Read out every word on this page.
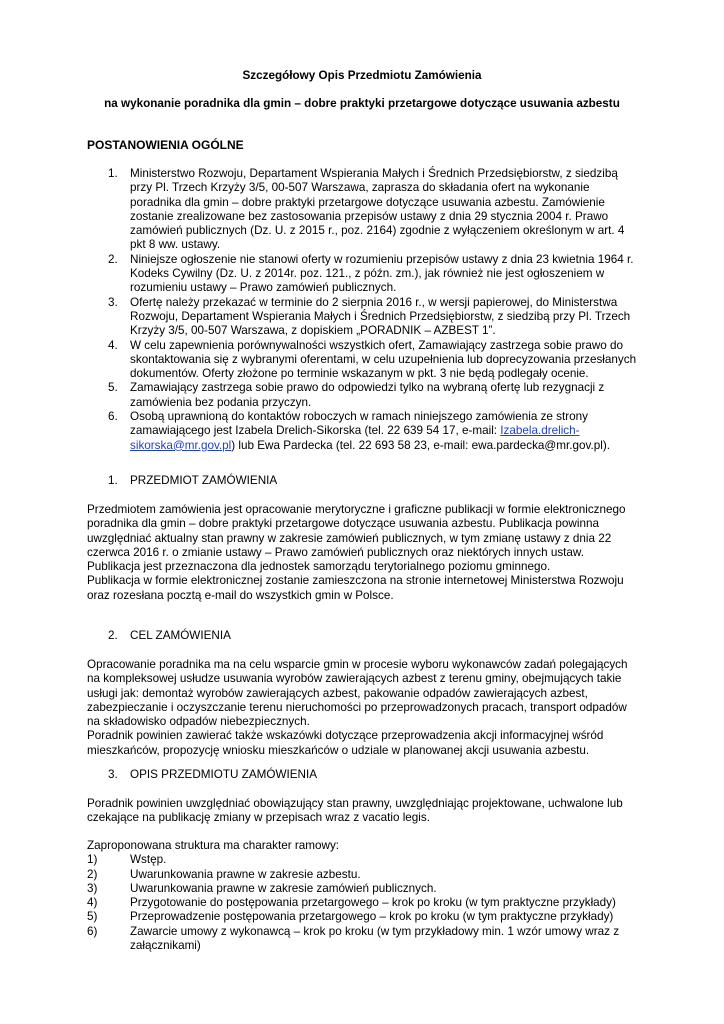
Szczegółowy Opis Przedmiotu Zamówienia
na wykonanie poradnika dla gmin – dobre praktyki przetargowe dotyczące usuwania azbestu
POSTANOWIENIA OGÓLNE
1. Ministerstwo Rozwoju, Departament Wspierania Małych i Średnich Przedsiębiorstw, z siedzibą przy Pl. Trzech Krzyży 3/5, 00-507 Warszawa, zaprasza do składania ofert na wykonanie poradnika dla gmin – dobre praktyki przetargowe dotyczące usuwania azbestu. Zamówienie zostanie zrealizowane bez zastosowania przepisów ustawy z dnia 29 stycznia 2004 r. Prawo zamówień publicznych (Dz. U. z 2015 r., poz. 2164) zgodnie z wyłączeniem określonym w art. 4 pkt 8 ww. ustawy.
2. Niniejsze ogłoszenie nie stanowi oferty w rozumieniu przepisów ustawy z dnia 23 kwietnia 1964 r. Kodeks Cywilny (Dz. U. z 2014r. poz. 121., z późn. zm.), jak również nie jest ogłoszeniem w rozumieniu ustawy – Prawo zamówień publicznych.
3. Ofertę należy przekazać w terminie do 2 sierpnia 2016 r., w wersji papierowej, do Ministerstwa Rozwoju, Departament Wspierania Małych i Średnich Przedsiębiorstw, z siedzibą przy Pl. Trzech Krzyży 3/5, 00-507 Warszawa, z dopiskiem „PORADNIK – AZBEST 1”.
4. W celu zapewnienia porównywalności wszystkich ofert, Zamawiający zastrzega sobie prawo do skontaktowania się z wybranymi oferentami, w celu uzupełnienia lub doprecyzowania przesłanych dokumentów. Oferty złożone po terminie wskazanym w pkt. 3 nie będą podlegały ocenie.
5. Zamawiający zastrzega sobie prawo do odpowiedzi tylko na wybraną ofertę lub rezygnacji z zamówienia bez podania przyczyn.
6. Osobą uprawnioną do kontaktów roboczych w ramach niniejszego zamówienia ze strony zamawiającego jest Izabela Drelich-Sikorska (tel. 22 639 54 17, e-mail: Izabela.drelich-sikorska@mr.gov.pl) lub Ewa Pardecka (tel. 22 693 58 23, e-mail: ewa.pardecka@mr.gov.pl).
1. PRZEDMIOT ZAMÓWIENIA
Przedmiotem zamówienia jest opracowanie merytoryczne i graficzne publikacji w formie elektronicznego poradnika dla gmin – dobre praktyki przetargowe dotyczące usuwania azbestu. Publikacja powinna uwzględniać aktualny stan prawny w zakresie zamówień publicznych, w tym zmianę ustawy z dnia 22 czerwca 2016 r. o zmianie ustawy – Prawo zamówień publicznych oraz niektórych innych ustaw.
Publikacja jest przeznaczona dla jednostek samorządu terytorialnego poziomu gminnego.
Publikacja w formie elektronicznej zostanie zamieszczona na stronie internetowej Ministerstwa Rozwoju oraz rozesłana pocztą e-mail do wszystkich gmin w Polsce.
2. CEL ZAMÓWIENIA
Opracowanie poradnika ma na celu wsparcie gmin w procesie wyboru wykonawców zadań polegających na kompleksowej usłudze usuwania wyrobów zawierających azbest z terenu gminy, obejmujących takie usługi jak: demontaż wyrobów zawierających azbest, pakowanie odpadów zawierających azbest, zabezpieczanie i oczyszczanie terenu nieruchomości po przeprowadzonych pracach, transport odpadów na składowisko odpadów niebezpiecznych.
Poradnik powinien zawierać także wskazówki dotyczące przeprowadzenia akcji informacyjnej wśród mieszkańców, propozycję wniosku mieszkańców o udziale w planowanej akcji usuwania azbestu.
3. OPIS PRZEDMIOTU ZAMÓWIENIA
Poradnik powinien uwzględniać obowiązujący stan prawny, uwzględniając projektowane, uchwalone lub czekające na publikację zmiany w przepisach wraz z vacatio legis.
Zaproponowana struktura ma charakter ramowy:
1)	Wstęp.
2)	Uwarunkowania prawne w zakresie azbestu.
3)	Uwarunkowania prawne w zakresie zamówień publicznych.
4)	Przygotowanie do postępowania przetargowego – krok po kroku (w tym praktyczne przykłady)
5)	Przeprowadzenie postępowania przetargowego – krok po kroku (w tym praktyczne przykłady)
6)	Zawarcie umowy z wykonawcą – krok po kroku (w tym przykładowy min. 1 wzór umowy wraz z załącznikami)
